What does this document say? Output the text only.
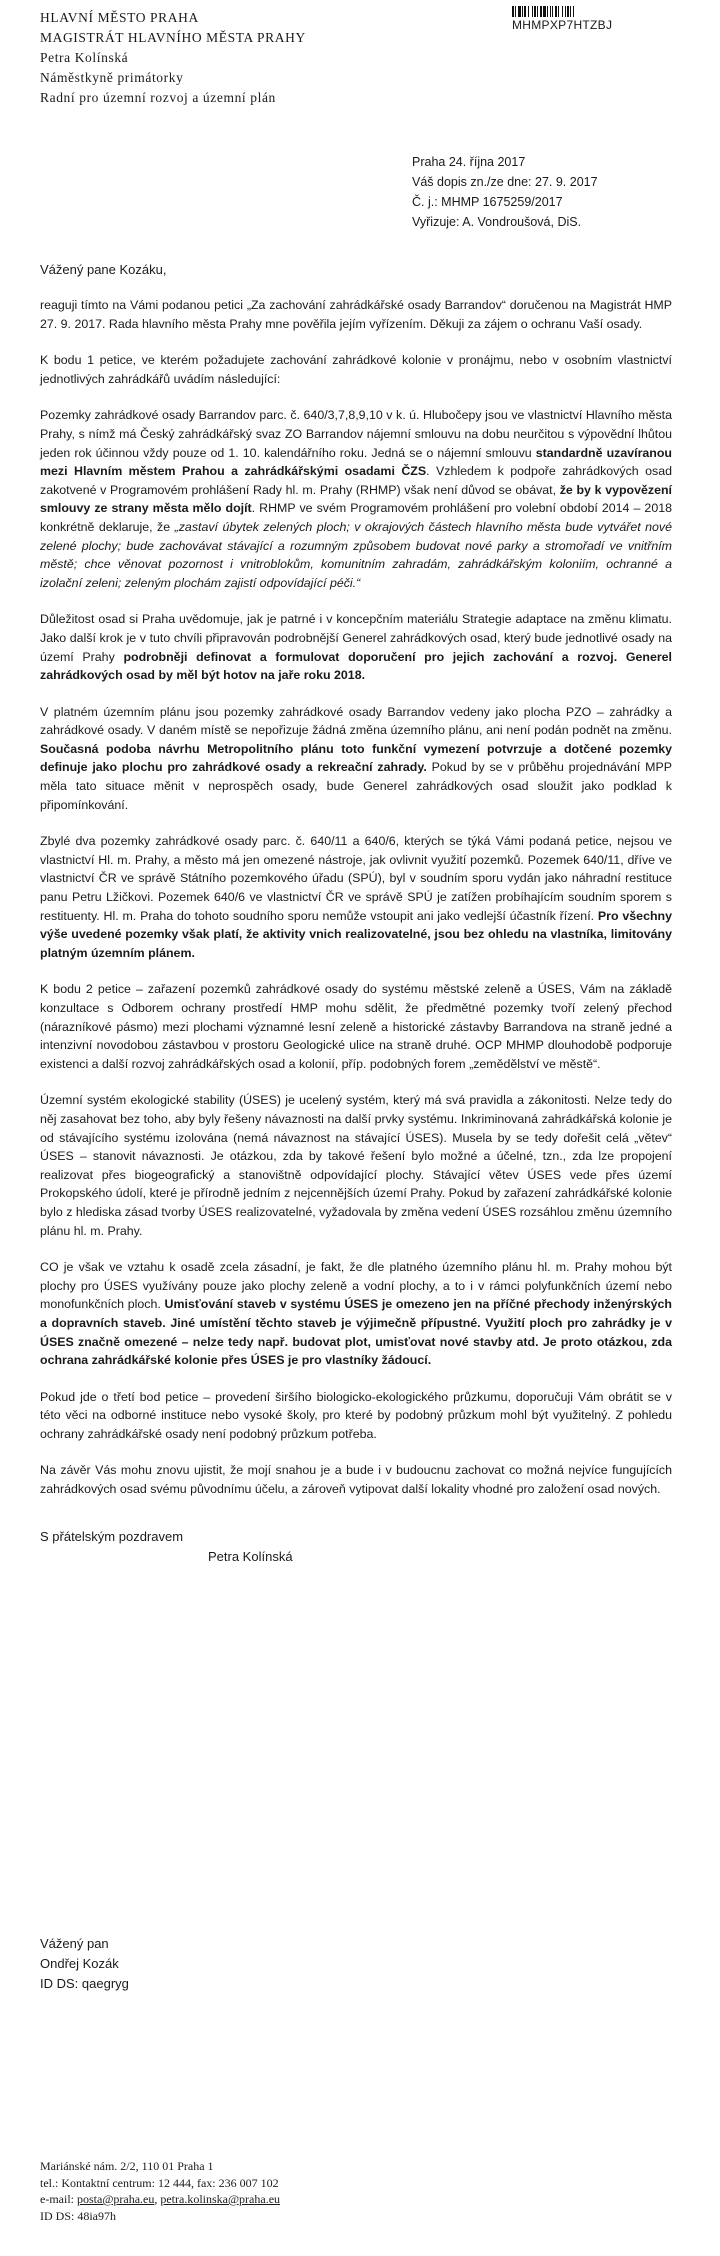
MHMPXP7HTZBJ
HLAVNÍ MĚSTO PRAHA
MAGISTRÁT HLAVNÍHO MĚSTA PRAHY
Petra Kolínská
Náměstkyně primátorky
Radní pro územní rozvoj a územní plán
Praha 24. října 2017
Váš dopis zn./ze dne: 27. 9. 2017
Č. j.: MHMP 1675259/2017
Vyřizuje: A. Vondroušová, DiS.
Vážený pane Kozáku,

reaguji tímto na Vámi podanou petici „Za zachování zahrádkářské osady Barrandov“ doručenou na Magistrát HMP 27. 9. 2017. Rada hlavního města Prahy mne pověřila jejím vyřízením. Děkuji za zájem o ochranu Vaší osady.

K bodu 1 petice, ve kterém požadujete zachování zahrádkové kolonie v pronájmu, nebo v osobním vlastnictví jednotlivých zahrádkářů uvádím následující:

Pozemky zahrádkové osady Barrandov parc. č. 640/3,7,8,9,10 v k. ú. Hlubočepy jsou ve vlastnictví Hlavního města Prahy, s nímž má Český zahrádkářský svaz ZO Barrandov nájemní smlouvu na dobu neurčitou s výpovědní lhůtou jeden rok účinnou vždy pouze od 1. 10. kalendářního roku. Jedná se o nájemní smlouvu standardně uzavíranou mezi Hlavním městem Prahou a zahrádkářskými osadami ČZS. Vzhledem k podpoře zahrádkových osad zakotvené v Programovém prohlášení Rady hl. m. Prahy (RHMP) však není důvod se obávat, že by k vypovězení smlouvy ze strany města mělo dojít. RHMP ve svém Programovém prohlášení pro volební období 2014 – 2018 konkrétně deklaruje, že „zastaví úbytek zelených ploch; v okrajových částech hlavního města bude vytvářet nové zelené plochy; bude zachovávat stávající a rozumným způsobem budovat nové parky a stromořadí ve vnitřním městě; chce věnovat pozornost i vnitroblokům, komunitním zahradám, zahrádkářským koloniím, ochranné a izolační zeleni; zeleným plochám zajistí odpovídající péči.“

Důležitost osad si Praha uvědomuje, jak je patrné i v koncepčním materiálu Strategie adaptace na změnu klimatu. Jako další krok je v tuto chvíli připravován podrobnější Generel zahrádkových osad, který bude jednotlivé osady na území Prahy podrobněji definovat a formulovat doporučení pro jejich zachování a rozvoj. Generel zahrádkových osad by měl být hotov na jaře roku 2018.

V platném územním plánu jsou pozemky zahrádkové osady Barrandov vedeny jako plocha PZO – zahrádky a zahrádkové osady. V daném místě se nepořizuje žádná změna územního plánu, ani není podán podnět na změnu. Současná podoba návrhu Metropolitního plánu toto funkční vymezení potvrzuje a dotčené pozemky definuje jako plochu pro zahrádkové osady a rekreační zahrady. Pokud by se v průběhu projednávání MPP měla tato situace měnit v neprospěch osady, bude Generel zahrádkových osad sloužit jako podklad k připomínkování.

Zbylé dva pozemky zahrádkové osady parc. č. 640/11 a 640/6, kterých se týká Vámi podaná petice, nejsou ve vlastnictví Hl. m. Prahy, a město má jen omezené nástroje, jak ovlivnit využití pozemků. Pozemek 640/11, dříve ve vlastnictví ČR ve správě Státního pozemkového úřadu (SPÚ), byl v soudním sporu vydán jako náhradní restituce panu Petru Lžičkovi. Pozemek 640/6 ve vlastnictví ČR ve správě SPÚ je zatížen probíhajícím soudním sporem s restituenty. Hl. m. Praha do tohoto soudního sporu nemůže vstoupit ani jako vedlejší účastník řízení. Pro všechny výše uvedené pozemky však platí, že aktivity vnich realizovatelné, jsou bez ohledu na vlastníka, limitovány platným územním plánem.

K bodu 2 petice – zařazení pozemků zahrádkové osady do systému městské zeleně a ÚSES, Vám na základě konzultace s Odborem ochrany prostředí HMP mohu sdělit, že předmětné pozemky tvoří zelený přechod (nárazníkové pásmo) mezi plochami významné lesní zeleně a historické zástavby Barrandova na straně jedné a intenzivní novodobou zástavbou v prostoru Geologické ulice na straně druhé. OCP MHMP dlouhodobě podporuje existenci a další rozvoj zahrádkářských osad a kolonií, příp. podobných forem „zemědělství ve městě“.

Územní systém ekologické stability (ÚSES) je ucelený systém, který má svá pravidla a zákonitosti. Nelze tedy do něj zasahovat bez toho, aby byly řešeny návaznosti na další prvky systému. Inkriminovaná zahrádkářská kolonie je od stávajícího systému izolována (nemá návaznost na stávající ÚSES). Musela by se tedy dořešit celá „větev“ ÚSES – stanovit návaznosti. Je otázkou, zda by takové řešení bylo možné a účelné, tzn., zda lze propojení realizovat přes biogeografický a stanovištně odpovídající plochy. Stávající větev ÚSES vede přes území Prokopského údolí, které je přírodně jedním z nejcennějších území Prahy. Pokud by zařazení zahrádkářské kolonie bylo z hlediska zásad tvorby ÚSES realizovatelné, vyžadovala by změna vedení ÚSES rozsáhlou změnu územního plánu hl. m. Prahy.

CO je však ve vztahu k osadě zcela zásadní, je fakt, že dle platného územního plánu hl. m. Prahy mohou být plochy pro ÚSES využívány pouze jako plochy zeleně a vodní plochy, a to i v rámci polyfunkčních území nebo monofunkčních ploch. Umisťování staveb v systému ÚSES je omezeno jen na příčné přechody inženýrských a dopravních staveb. Jiné umístění těchto staveb je výjimečně přípustné. Využití ploch pro zahrádky je v ÚSES značně omezené – nelze tedy např. budovat plot, umisťovat nové stavby atd. Je proto otázkou, zda ochrana zahrádkářské kolonie přes ÚSES je pro vlastníky žádoucí.

Pokud jde o třetí bod petice – provedení širšího biologicko-ekologického průzkumu, doporučuji Vám obrátit se v této věci na odborné instituce nebo vysoké školy, pro které by podobný průzkum mohl být využitelný. Z pohledu ochrany zahrádkářské osady není podobný průzkum potřeba.

Na závěr Vás mohu znovu ujistit, že mojí snahou je a bude i v budoucnu zachovat co možná nejvíce fungujících zahrádkových osad svému původnímu účelu, a zároveň vytipovat další lokality vhodné pro založení osad nových.

S přátelským pozdravem
Petra Kolínská
Vážený pan
Ondřej Kozák
ID DS: qaegryg
Mariánské nám. 2/2, 110 01 Praha 1
tel.: Kontaktní centrum: 12 444, fax: 236 007 102
e-mail: posta@praha.eu, petra.kolinska@praha.eu
ID DS: 48ia97h
